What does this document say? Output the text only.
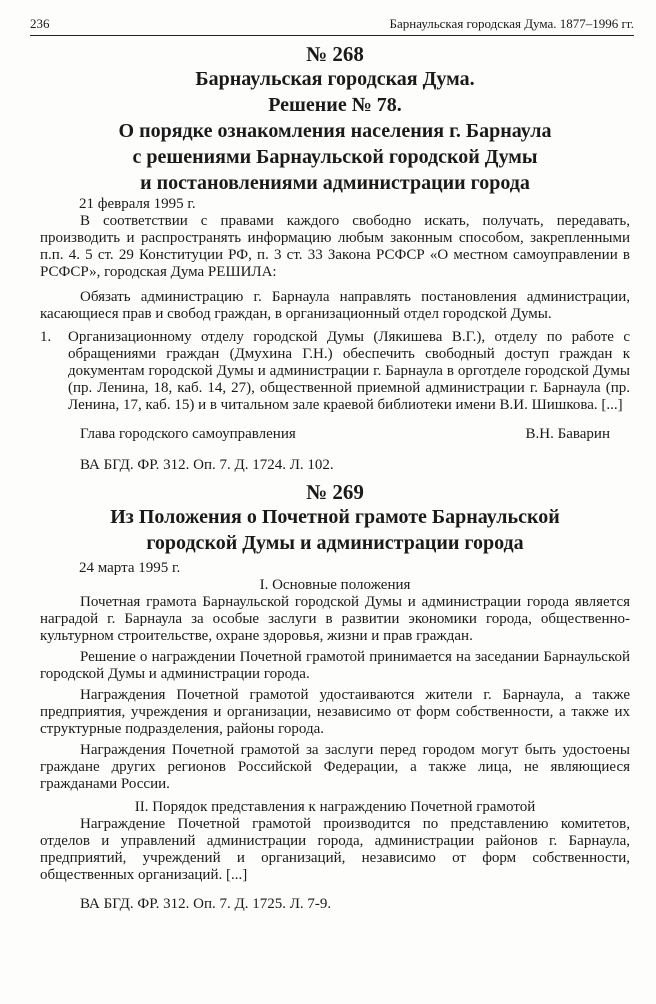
236	Барнаульская городская Дума. 1877–1996 гг.
№ 268
Барнаульская городская Дума.
Решение № 78.
О порядке ознакомления населения г. Барнаула
с решениями Барнаульской городской Думы
и постановлениями администрации города
21 февраля 1995 г.

В соответствии с правами каждого свободно искать, получать, передавать, производить и распространять информацию любым законным способом, закрепленными п.п. 4. 5 ст. 29 Конституции РФ, п. 3 ст. 33 Закона РСФСР «О местном самоуправлении в РСФСР», городская Дума РЕШИЛА:

Обязать администрацию г. Барнаула направлять постановления администрации, касающиеся прав и свобод граждан, в организационный отдел городской Думы.

1.	Организационному отделу городской Думы (Лякишева В.Г.), отделу по работе с обращениями граждан (Дмухина Г.Н.) обеспечить свободный доступ граждан к документам городской Думы и администрации г. Барнаула в орготделе городской Думы (пр. Ленина, 18, каб. 14, 27), общественной приемной администрации г. Барнаула (пр. Ленина, 17, каб. 15) и в читальном зале краевой библиотеки имени В.И. Шишкова. [...]
Глава городского самоуправления	В.Н. Баварин
ВА БГД. ФР. 312. Оп. 7. Д. 1724. Л. 102.
№ 269
Из Положения о Почетной грамоте Барнаульской
городской Думы и администрации города
24 марта 1995 г.
I. Основные положения

Почетная грамота Барнаульской городской Думы и администрации города является наградой г. Барнаула за особые заслуги в развитии экономики города, общественно-культурном строительстве, охране здоровья, жизни и прав граждан.

Решение о награждении Почетной грамотой принимается на заседании Барнаульской городской Думы и администрации города.

Награждения Почетной грамотой удостаиваются жители г. Барнаула, а также предприятия, учреждения и организации, независимо от форм собственности, а также их структурные подразделения, районы города.

Награждения Почетной грамотой за заслуги перед городом могут быть удостоены граждане других регионов Российской Федерации, а также лица, не являющиеся гражданами России.

II. Порядок представления к награждению Почетной грамотой

Награждение Почетной грамотой производится по представлению комитетов, отделов и управлений администрации города, администрации районов г. Барнаула, предприятий, учреждений и организаций, независимо от форм собственности, общественных организаций. [...]

ВА БГД. ФР. 312. Оп. 7. Д. 1725. Л. 7-9.
